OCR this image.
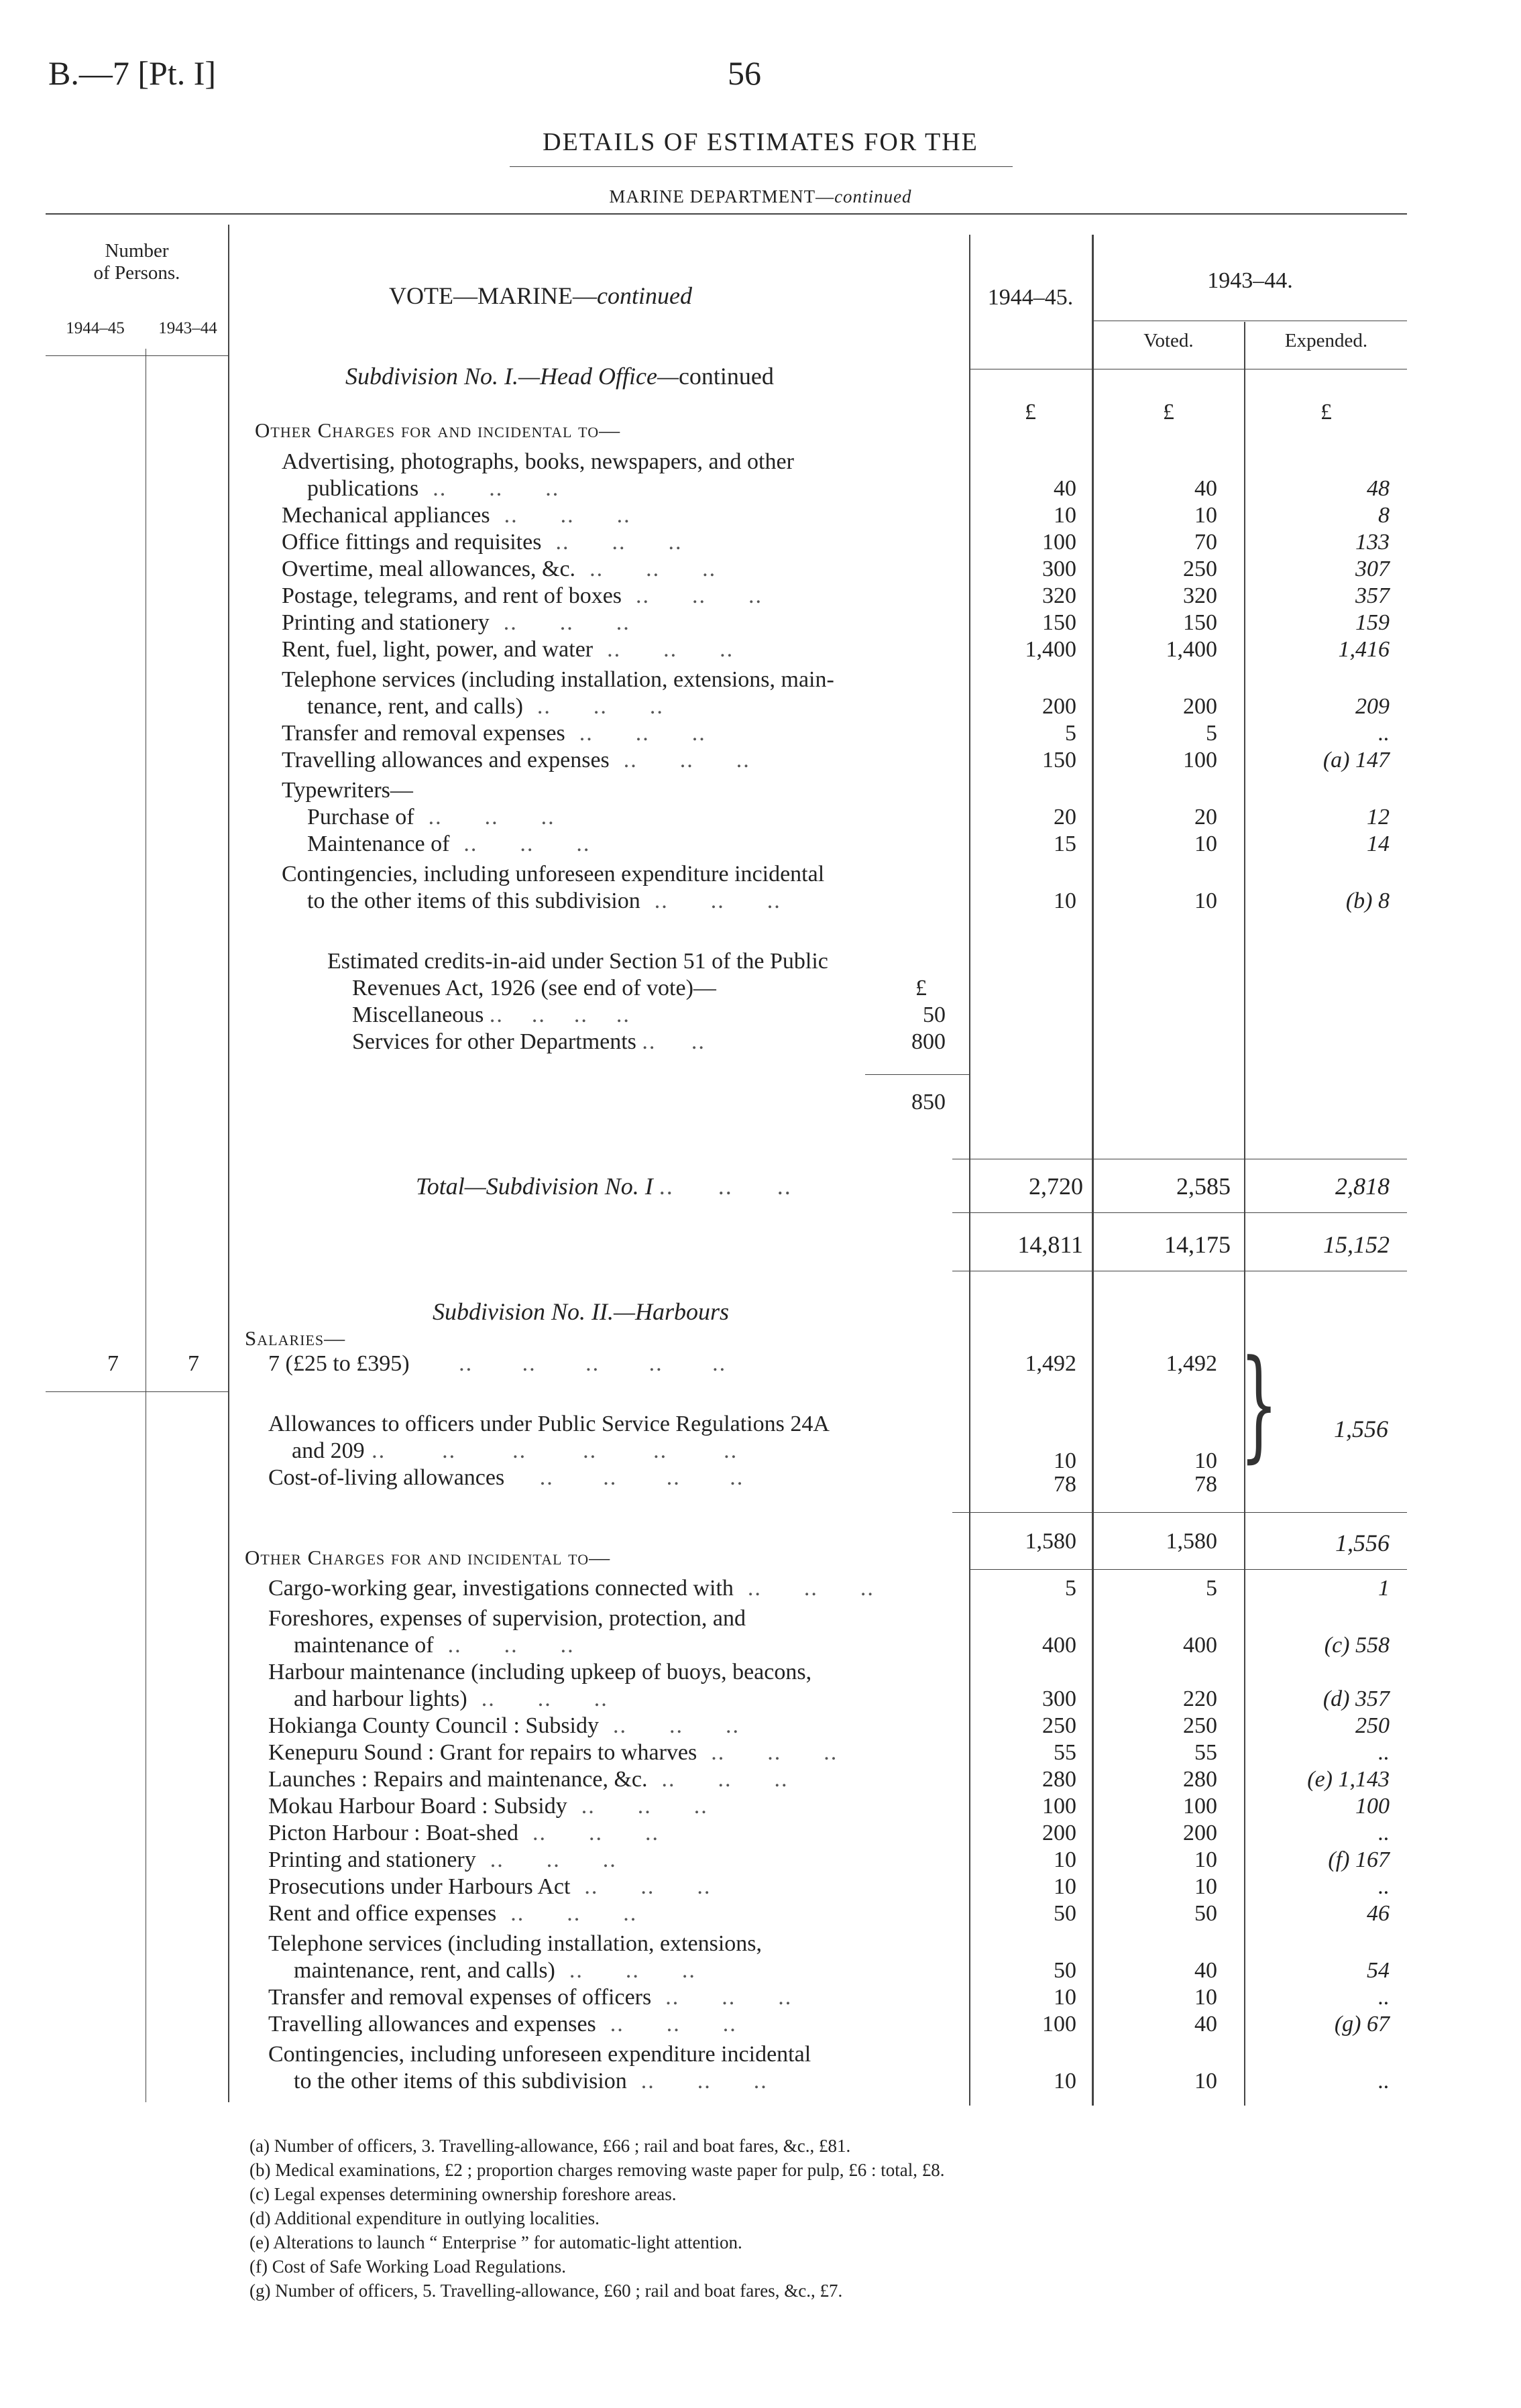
B.—7 [Pt. I]	56
DETAILS OF ESTIMATES FOR THE
MARINE DEPARTMENT—continued
Number
of Persons.
1944–45	1943–44
VOTE—MARINE—continued	1944–45.
1943–44.
Voted.	Expended.
Subdivision No. I.—Head Office—continued
£	£	£
Other Charges for and incidental to—
Advertising, photographs, books, newspapers, and other
publications  ..      ..      ..	40	40	48
Mechanical appliances  ..      ..      ..	10	10	8
Office fittings and requisites  ..      ..      ..	100	70	133
Overtime, meal allowances, &c.  ..      ..      ..	300	250	307
Postage, telegrams, and rent of boxes  ..      ..      ..	320	320	357
Printing and stationery  ..      ..      ..	150	150	159
Rent, fuel, light, power, and water  ..      ..      ..	1,400	1,400	1,416
Telephone services (including installation, extensions, main-
tenance, rent, and calls)  ..      ..      ..	200	200	209
Transfer and removal expenses  ..      ..      ..	5	5	..
Travelling allowances and expenses  ..      ..      ..	150	100	(a) 147
Typewriters—
Purchase of  ..      ..      ..	20	20	12
Maintenance of  ..      ..      ..	15	10	14
Contingencies, including unforeseen expenditure incidental
to the other items of this subdivision  ..      ..      ..	10	10	(b) 8
Estimated credits-in-aid under Section 51 of the Public
Revenues Act, 1926 (see end of vote)—	£
Miscellaneous ..    ..    ..    ..	50
Services for other Departments ..     ..	800
850
Total—Subdivision No. I ..      ..      ..	2,720	2,585	2,818
14,811	14,175	15,152
Subdivision No. II.—Harbours
Salaries—
7	7	7 (£25 to £395)       ..       ..       ..       ..       ..	1,492	1,492
Allowances to officers under Public Service Regulations 24A
and 209 ..        ..        ..        ..        ..        ..	10	10
Cost-of-living allowances     ..       ..       ..       ..	78	78
}	1,556
1,580	1,580	1,556
Other Charges for and incidental to—
Cargo-working gear, investigations connected with  ..      ..      ..	5	5	1
Foreshores, expenses of supervision, protection, and
maintenance of  ..      ..      ..	400	400	(c) 558
Harbour maintenance (including upkeep of buoys, beacons,
and harbour lights)  ..      ..      ..	300	220	(d) 357
Hokianga County Council : Subsidy  ..      ..      ..	250	250	250
Kenepuru Sound : Grant for repairs to wharves  ..      ..      ..	55	55	..
Launches : Repairs and maintenance, &c.  ..      ..      ..	280	280	(e) 1,143
Mokau Harbour Board : Subsidy  ..      ..      ..	100	100	100
Picton Harbour : Boat-shed  ..      ..      ..	200	200	..
Printing and stationery  ..      ..      ..	10	10	(f) 167
Prosecutions under Harbours Act  ..      ..      ..	10	10	..
Rent and office expenses  ..      ..      ..	50	50	46
Telephone services (including installation, extensions,
maintenance, rent, and calls)  ..      ..      ..	50	40	54
Transfer and removal expenses of officers  ..      ..      ..	10	10	..
Travelling allowances and expenses  ..      ..      ..	100	40	(g) 67
Contingencies, including unforeseen expenditure incidental
to the other items of this subdivision  ..      ..      ..	10	10	..
(a) Number of officers, 3. Travelling-allowance, £66 ; rail and boat fares, &c., £81.
(b) Medical examinations, £2 ; proportion charges removing waste paper for pulp, £6 : total, £8.
(c) Legal expenses determining ownership foreshore areas.
(d) Additional expenditure in outlying localities.
(e) Alterations to launch “ Enterprise ” for automatic-light attention.
(f) Cost of Safe Working Load Regulations.
(g) Number of officers, 5. Travelling-allowance, £60 ; rail and boat fares, &c., £7.
